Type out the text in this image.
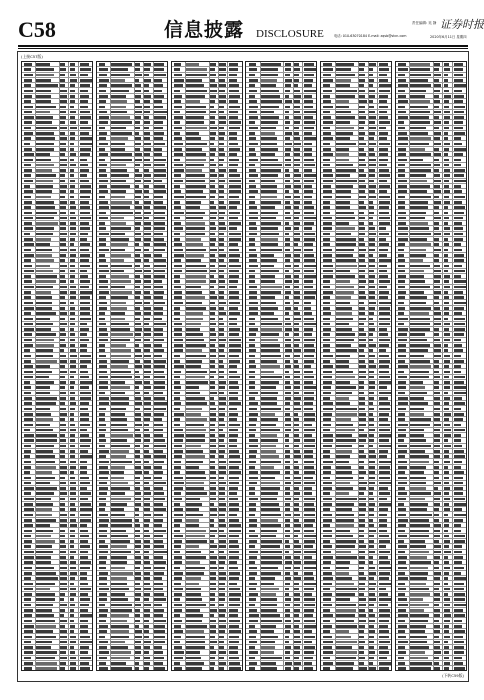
C58	信息披露 DISCLOSURE
责任编辑: 吴 静
电话: 010-63070184 E-mail: zqsb@stcn.com
证券时报
2020年6月11日 星期四
(上接C57版)
(下转C59版)
